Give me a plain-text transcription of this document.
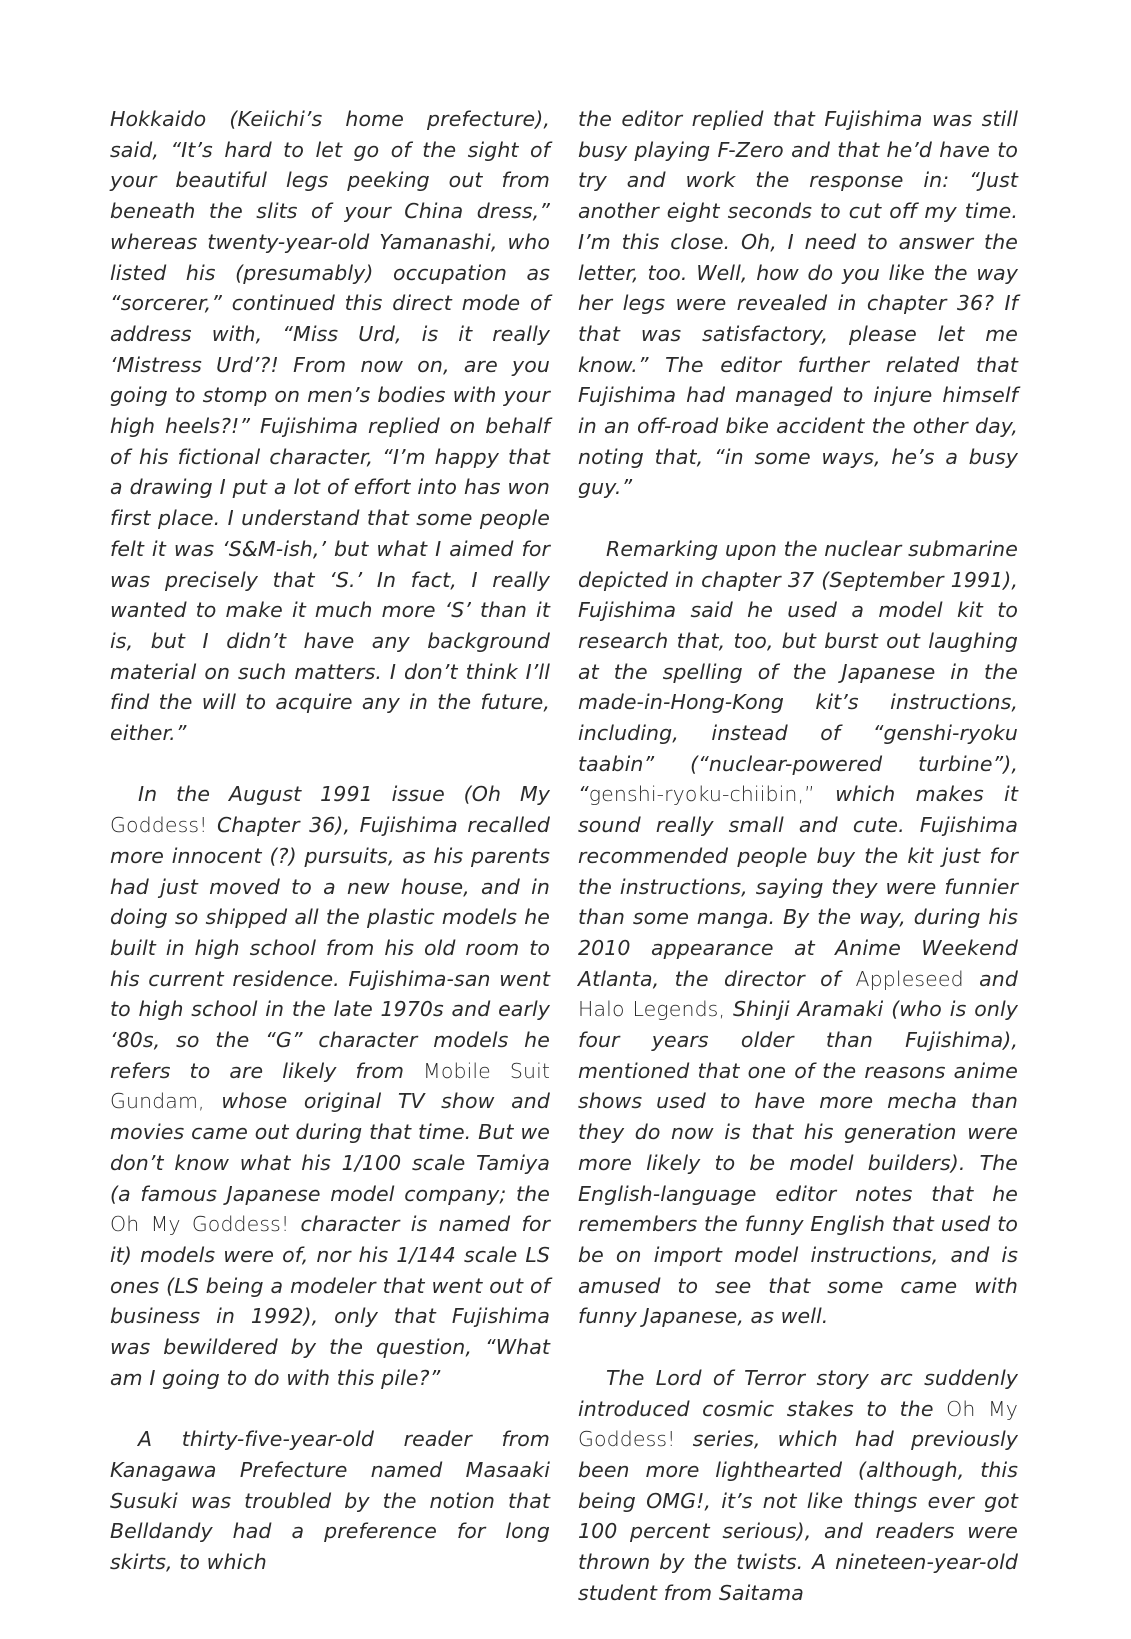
Hokkaido (Keiichi’s home prefecture), said, “It’s hard to let go of the sight of your beautiful legs peeking out from beneath the slits of your China dress,” whereas twenty-year-old Yamanashi, who listed his (presumably) occupation as “sorcerer,” continued this direct mode of address with, “Miss Urd, is it really ‘Mistress Urd’?! From now on, are you going to stomp on men’s bodies with your high heels?!” Fujishima replied on behalf of his fictional character, “I’m happy that a drawing I put a lot of effort into has won first place. I understand that some people felt it was ‘S&M-ish,’ but what I aimed for was precisely that ‘S.’ In fact, I really wanted to make it much more ‘S’ than it is, but I didn’t have any background material on such matters. I don’t think I’ll find the will to acquire any in the future, either.”

In the August 1991 issue (Oh My Goddess! Chapter 36), Fujishima recalled more innocent (?) pursuits, as his parents had just moved to a new house, and in doing so shipped all the plastic models he built in high school from his old room to his current residence. Fujishima-san went to high school in the late 1970s and early ‘80s, so the “G” character models he refers to are likely from Mobile Suit Gundam, whose original TV show and movies came out during that time. But we don’t know what his 1/100 scale Tamiya (a famous Japanese model company; the Oh My Goddess! character is named for it) models were of, nor his 1/144 scale LS ones (LS being a modeler that went out of business in 1992), only that Fujishima was bewildered by the question, “What am I going to do with this pile?”

A thirty-five-year-old reader from Kanagawa Prefecture named Masaaki Susuki was troubled by the notion that Belldandy had a preference for long skirts, to which

the editor replied that Fujishima was still busy playing F-Zero and that he’d have to try and work the response in: “Just another eight seconds to cut off my time. I’m this close. Oh, I need to answer the letter, too. Well, how do you like the way her legs were revealed in chapter 36? If that was satisfactory, please let me know.” The editor further related that Fujishima had managed to injure himself in an off-road bike accident the other day, noting that, “in some ways, he’s a busy guy.”

Remarking upon the nuclear submarine depicted in chapter 37 (September 1991), Fujishima said he used a model kit to research that, too, but burst out laughing at the spelling of the Japanese in the made-in-Hong-Kong kit’s instructions, including, instead of “genshi-ryoku taabin” (“nuclear-powered turbine”), “genshi-ryoku-chiibin,” which makes it sound really small and cute. Fujishima recommended people buy the kit just for the instructions, saying they were funnier than some manga. By the way, during his 2010 appearance at Anime Weekend Atlanta, the director of Appleseed and Halo Legends, Shinji Aramaki (who is only four years older than Fujishima), mentioned that one of the reasons anime shows used to have more mecha than they do now is that his generation were more likely to be model builders). The English-language editor notes that he remembers the funny English that used to be on import model instructions, and is amused to see that some came with funny Japanese, as well.

The Lord of Terror story arc suddenly introduced cosmic stakes to the Oh My Goddess! series, which had previously been more lighthearted (although, this being OMG!, it’s not like things ever got 100 percent serious), and readers were thrown by the twists. A nineteen-year-old student from Saitama
